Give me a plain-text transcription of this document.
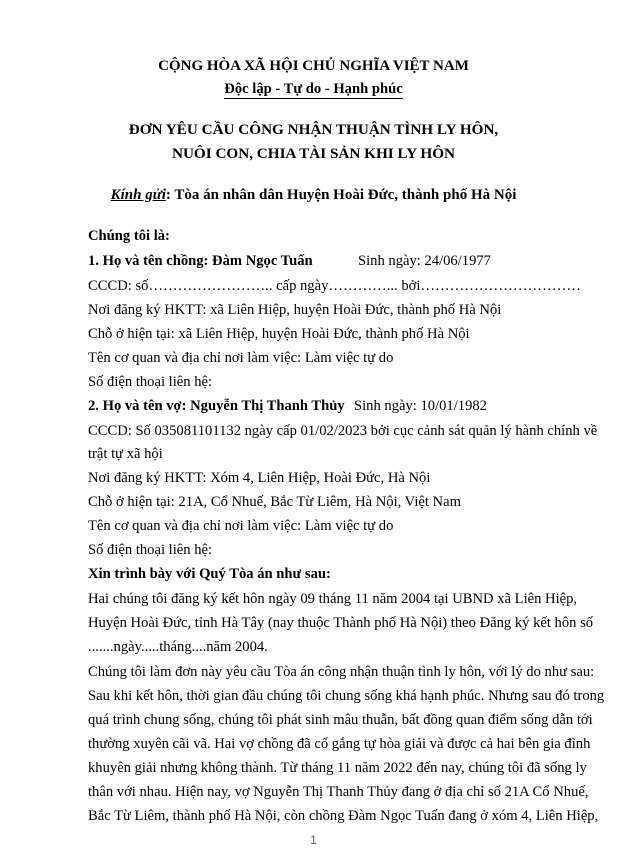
CỘNG HÒA XÃ HỘI CHỦ NGHĨA VIỆT NAM
Độc lập - Tự do - Hạnh phúc
ĐƠN YÊU CẦU CÔNG NHẬN THUẬN TÌNH LY HÔN,
NUÔI CON, CHIA TÀI SẢN KHI LY HÔN
Kính gửi: Tòa án nhân dân Huyện Hoài Đức, thành phố Hà Nội
Chúng tôi là:
1. Họ và tên chồng: Đàm Ngọc Tuấn	Sinh ngày: 24/06/1977
CCCD: số…………………….. cấp ngày…………... bởi……………………………
Nơi đăng ký HKTT: xã Liên Hiệp, huyện Hoài Đức, thành phố Hà Nội
Chỗ ở hiện tại: xã Liên Hiệp, huyện Hoài Đức, thành phố Hà Nội
Tên cơ quan và địa chỉ nơi làm việc: Làm việc tự do
Số điện thoại liên hệ:
2. Họ và tên vợ: Nguyễn Thị Thanh Thủy Sinh ngày: 10/01/1982
CCCD: Số 035081101132 ngày cấp 01/02/2023 bởi cục cảnh sát quản lý hành chính về
trật tự xã hội
Nơi đăng ký HKTT: Xóm 4, Liên Hiệp, Hoài Đức, Hà Nội
Chỗ ở hiện tại: 21A, Cổ Nhuế, Bắc Từ Liêm, Hà Nội, Việt Nam
Tên cơ quan và địa chỉ nơi làm việc: Làm việc tự do
Số điện thoại liên hệ:
Xin trình bày với Quý Tòa án như sau:
Hai chúng tôi đăng ký kết hôn ngày 09 tháng 11 năm 2004 tại UBND xã Liên Hiệp,
Huyện Hoài Đức, tỉnh Hà Tây (nay thuộc Thành phố Hà Nội) theo Đăng ký kết hôn số
.......ngày.....tháng....năm 2004.
Chúng tôi làm đơn này yêu cầu Tòa án công nhận thuận tình ly hôn, với lý do như sau:
Sau khi kết hôn, thời gian đầu chúng tôi chung sống khá hạnh phúc. Nhưng sau đó trong
quá trình chung sống, chúng tôi phát sinh mâu thuẫn, bất đồng quan điểm sống dẫn tới
thường xuyên cãi vã. Hai vợ chồng đã cố gắng tự hòa giải và được cả hai bên gia đình
khuyên giải nhưng không thành. Từ tháng 11 năm 2022 đến nay, chúng tôi đã sống ly
thân với nhau. Hiện nay, vợ Nguyễn Thị Thanh Thủy đang ở địa chỉ số 21A Cổ Nhuế,
Bắc Từ Liêm, thành phố Hà Nội, còn chồng Đàm Ngọc Tuấn đang ở xóm 4, Liên Hiệp,
1
